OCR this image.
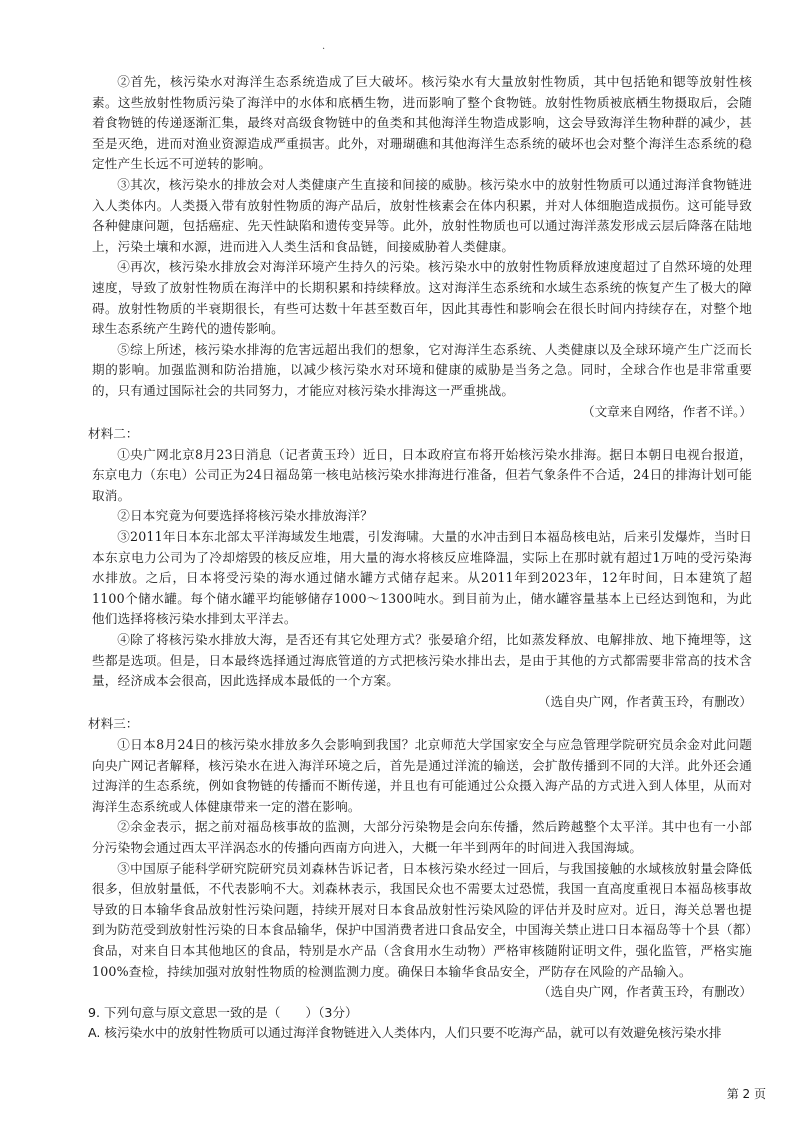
·

②首先，核污染水对海洋生态系统造成了巨大破坏。核污染水有大量放射性物质，其中包括铯和锶等放射性核素。这些放射性物质污染了海洋中的水体和底栖生物，进而影响了整个食物链。放射性物质被底栖生物摄取后，会随着食物链的传递逐渐汇集，最终对高级食物链中的鱼类和其他海洋生物造成影响，这会导致海洋生物种群的减少，甚至是灭绝，进而对渔业资源造成严重损害。此外，对珊瑚礁和其他海洋生态系统的破坏也会对整个海洋生态系统的稳定性产生长远不可逆转的影响。

③其次，核污染水的排放会对人类健康产生直接和间接的威胁。核污染水中的放射性物质可以通过海洋食物链进入人类体内。人类摄入带有放射性物质的海产品后，放射性核素会在体内积累，并对人体细胞造成损伤。这可能导致各种健康问题，包括癌症、先天性缺陷和遗传变异等。此外，放射性物质也可以通过海洋蒸发形成云层后降落在陆地上，污染土壤和水源，进而进入人类生活和食品链，间接威胁着人类健康。

④再次，核污染水排放会对海洋环境产生持久的污染。核污染水中的放射性物质释放速度超过了自然环境的处理速度，导致了放射性物质在海洋中的长期积累和持续释放。这对海洋生态系统和水域生态系统的恢复产生了极大的障碍。放射性物质的半衰期很长，有些可达数十年甚至数百年，因此其毒性和影响会在很长时间内持续存在，对整个地球生态系统产生跨代的遗传影响。

⑤综上所述，核污染水排海的危害远超出我们的想象，它对海洋生态系统、人类健康以及全球环境产生广泛而长期的影响。加强监测和防治措施，以减少核污染水对环境和健康的威胁是当务之急。同时，全球合作也是非常重要的，只有通过国际社会的共同努力，才能应对核污染水排海这一严重挑战。

（文章来自网络，作者不详。）

材料二：

①央广网北京8月23日消息（记者黄玉玲）近日，日本政府宣布将开始核污染水排海。据日本朝日电视台报道，东京电力（东电）公司正为24日福岛第一核电站核污染水排海进行准备，但若气象条件不合适，24日的排海计划可能取消。

②日本究竟为何要选择将核污染水排放海洋？

③2011年日本东北部太平洋海域发生地震，引发海啸。大量的水冲击到日本福岛核电站，后来引发爆炸，当时日本东京电力公司为了冷却熔毁的核反应堆，用大量的海水将核反应堆降温，实际上在那时就有超过1万吨的受污染海水排放。之后，日本将受污染的海水通过储水罐方式储存起来。从2011年到2023年，12年时间，日本建筑了超1100个储水罐。每个储水罐平均能够储存1000～1300吨水。到目前为止，储水罐容量基本上已经达到饱和，为此他们选择将核污染水排到太平洋去。

④除了将核污染水排放大海，是否还有其它处理方式？张晏瑲介绍，比如蒸发释放、电解排放、地下掩埋等，这些都是选项。但是，日本最终选择通过海底管道的方式把核污染水排出去，是由于其他的方式都需要非常高的技术含量，经济成本会很高，因此选择成本最低的一个方案。

（选自央广网，作者黄玉玲，有删改）

材料三：

①日本8月24日的核污染水排放多久会影响到我国？北京师范大学国家安全与应急管理学院研究员余金对此问题向央广网记者解释，核污染水在进入海洋环境之后，首先是通过洋流的输送，会扩散传播到不同的大洋。此外还会通过海洋的生态系统，例如食物链的传播而不断传递，并且也有可能通过公众摄入海产品的方式进入到人体里，从而对海洋生态系统或人体健康带来一定的潜在影响。

②余金表示，据之前对福岛核事故的监测，大部分污染物是会向东传播，然后跨越整个太平洋。其中也有一小部分污染物会通过西太平洋涡态水的传播向西南方向进入，大概一年半到两年的时间进入我国海域。

③中国原子能科学研究院研究员刘森林告诉记者，日本核污染水经过一回后，与我国接触的水域核放射量会降低很多，但放射量低，不代表影响不大。刘森林表示，我国民众也不需要太过恐慌，我国一直高度重视日本福岛核事故导致的日本输华食品放射性污染问题，持续开展对日本食品放射性污染风险的评估并及时应对。近日，海关总署也提到为防范受到放射性污染的日本食品输华，保护中国消费者进口食品安全，中国海关禁止进口日本福岛等十个县（都）食品，对来自日本其他地区的食品，特别是水产品（含食用水生动物）严格审核随附证明文件，强化监管，严格实施100%查检，持续加强对放射性物质的检测监测力度。确保日本输华食品安全，严防存在风险的产品输入。

（选自央广网，作者黄玉玲，有删改）

9. 下列句意与原文意思一致的是（　　）（3分）

A. 核污染水中的放射性物质可以通过海洋食物链进入人类体内，人们只要不吃海产品，就可以有效避免核污染水排

第 2 页
